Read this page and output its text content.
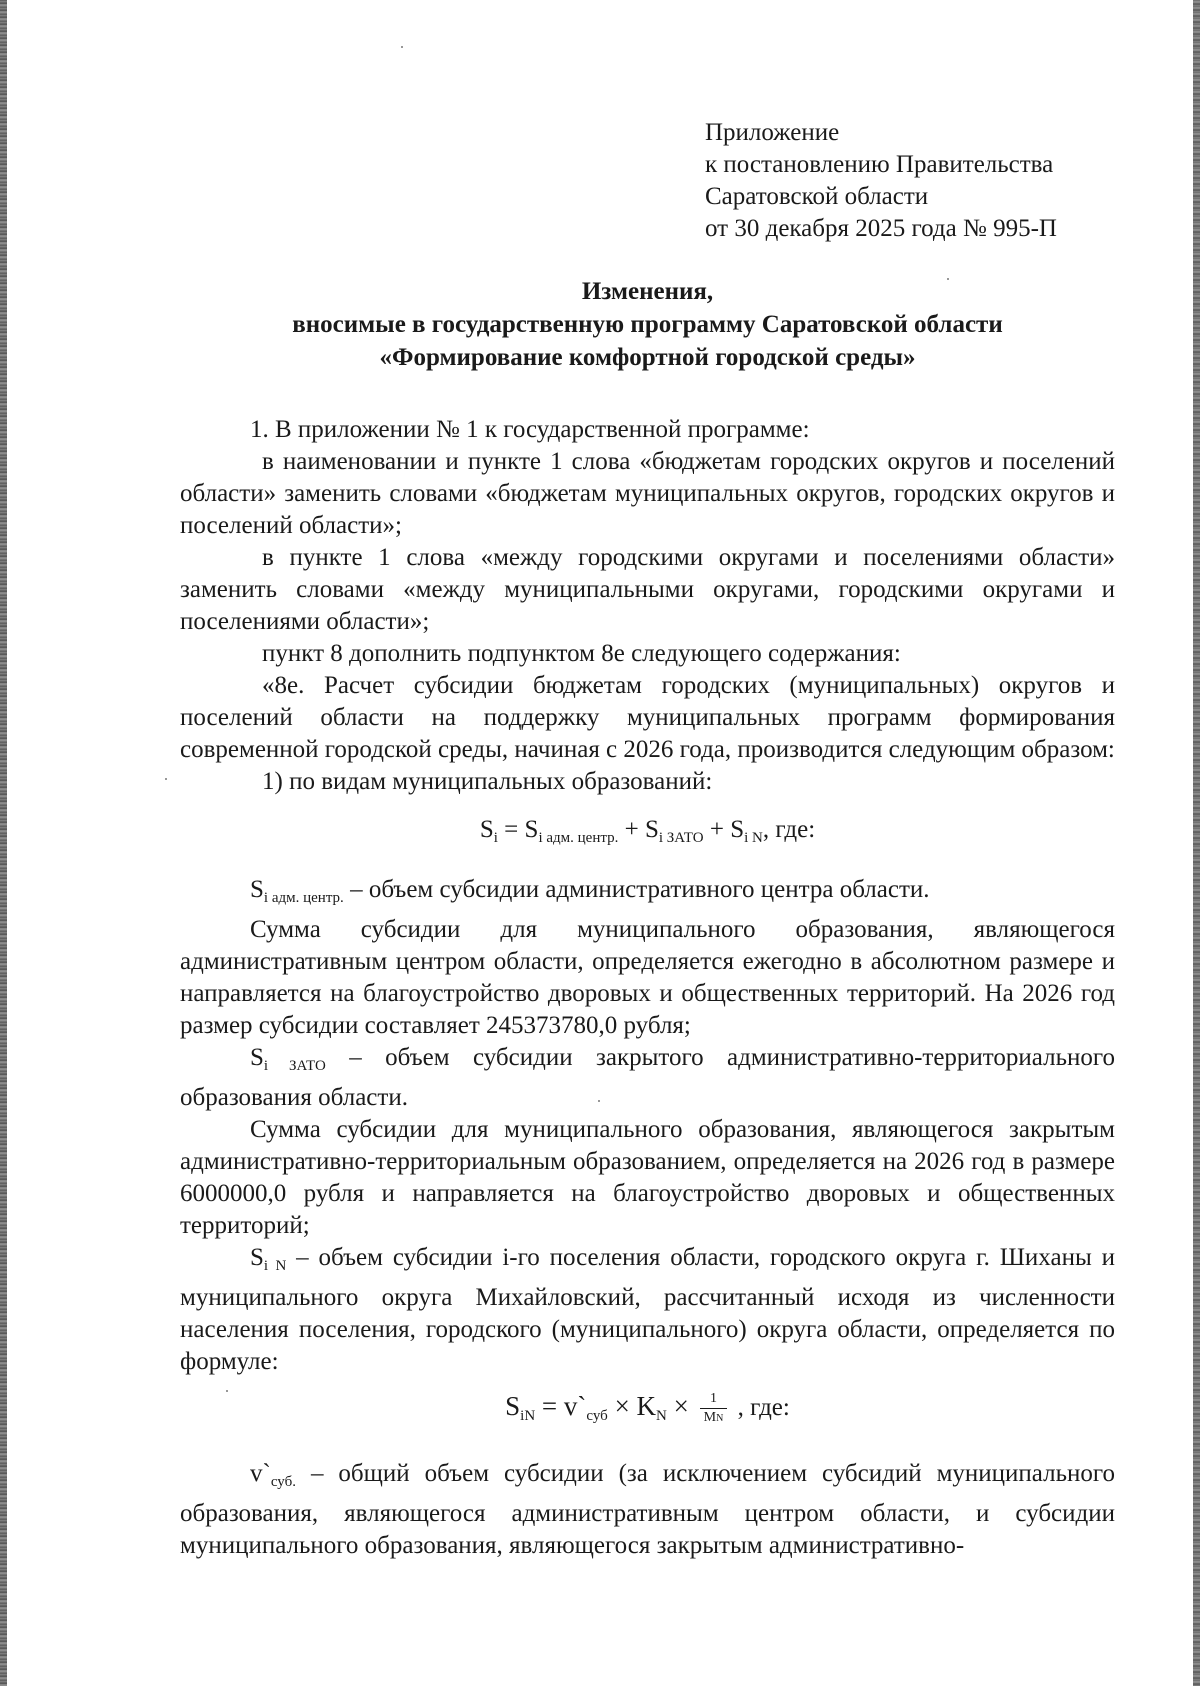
Приложение
к постановлению Правительства
Саратовской области
от 30 декабря 2025 года № 995-П
Изменения,
вносимые в государственную программу Саратовской области
«Формирование комфортной городской среды»

1. В приложении № 1 к государственной программе:

в наименовании и пункте 1 слова «бюджетам городских округов и поселений области» заменить словами «бюджетам муниципальных округов, городских округов и поселений области»;

в пункте 1 слова «между городскими округами и поселениями области» заменить словами «между муниципальными округами, городскими округами и поселениями области»;

пункт 8 дополнить подпунктом 8е следующего содержания:

«8е. Расчет субсидии бюджетам городских (муниципальных) округов и поселений области на поддержку муниципальных программ формирования современной городской среды, начиная с 2026 года, производится следующим образом:

1) по видам муниципальных образований:

$S_i = S_{i адм. центр.} + S_{i ЗАТО} + S_{i N}$, где:

$S_{i адм. центр.}$ – объем субсидии административного центра области.

Сумма субсидии для муниципального образования, являющегося административным центром области, определяется ежегодно в абсолютном размере и направляется на благоустройство дворовых и общественных территорий. На 2026 год размер субсидии составляет 245373780,0 рубля;

$S_{i ЗАТО}$ – объем субсидии закрытого административно-территориального образования области.

Сумма субсидии для муниципального образования, являющегося закрытым административно-территориальным образованием, определяется на 2026 год в размере 6000000,0 рубля и направляется на благоустройство дворовых и общественных территорий;

$S_{i N}$ – объем субсидии i-го поселения области, городского округа г. Шиханы и муниципального округа Михайловский, рассчитанный исходя из численности населения поселения, городского (муниципального) округа области, определяется по формуле:

$S_{iN}$ = $v`_{суб} \times K_N \times \frac{1}{MN}$ , где:

$v`_{суб.}$ – общий объем субсидии (за исключением субсидий муниципального образования, являющегося административным центром области, и субсидии муниципального образования, являющегося закрытым административно-
